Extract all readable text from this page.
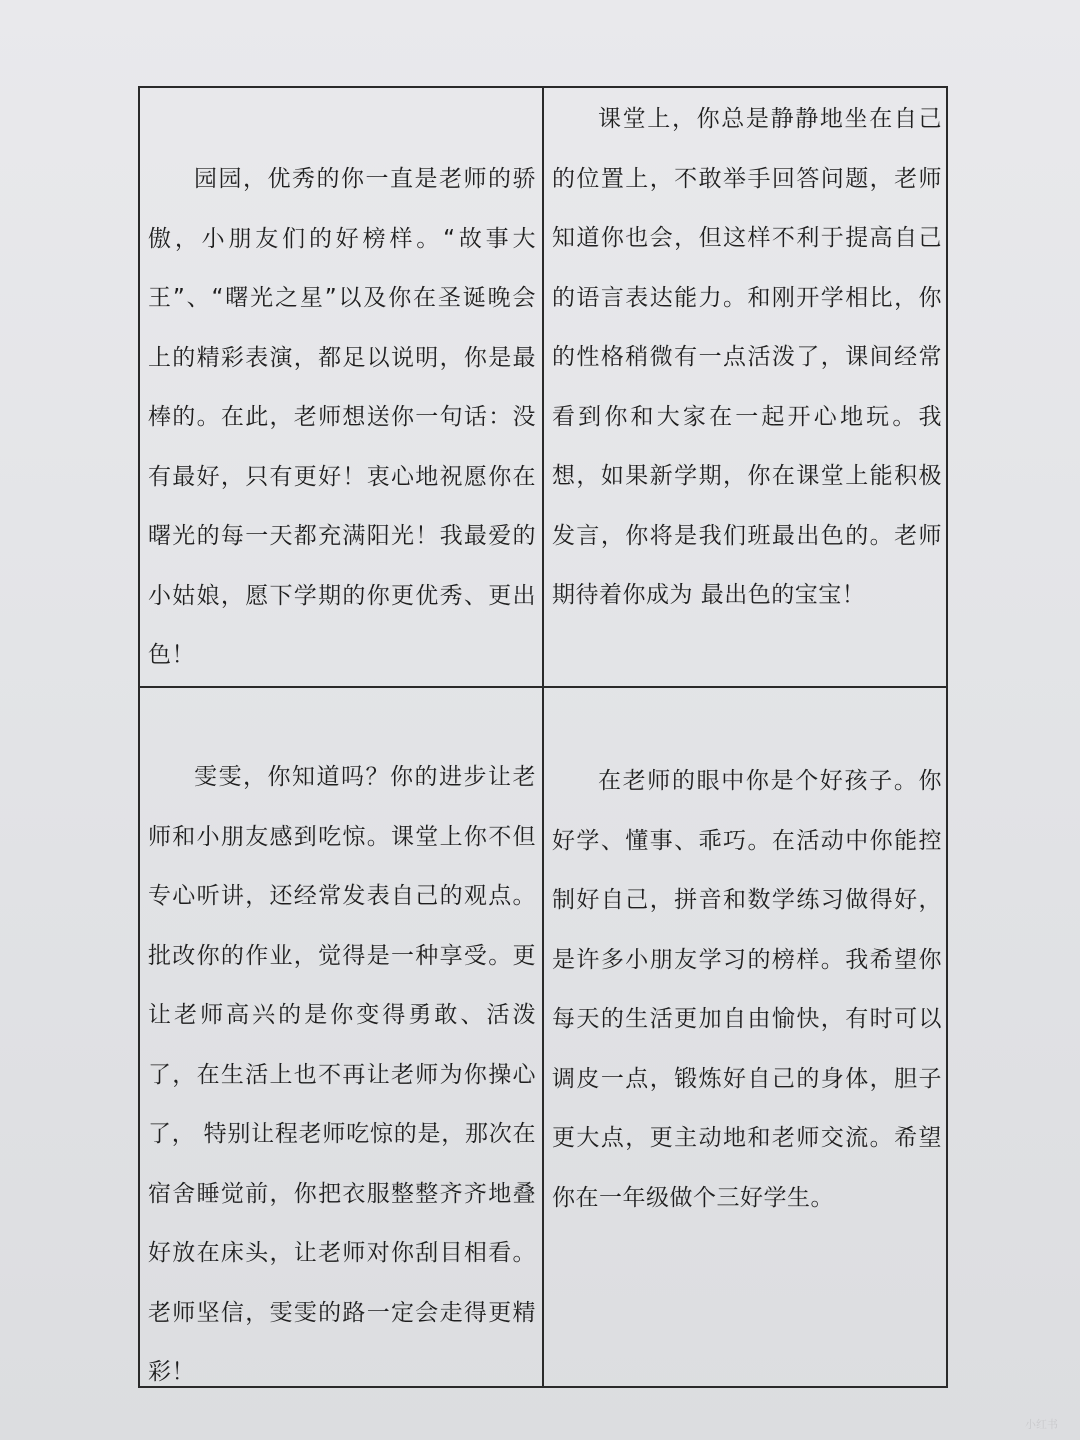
园园，优秀的你一直是老师的骄傲，小朋友们的好榜样。“故事大王”、“曙光之星”以及你在圣诞晚会上的精彩表演，都足以说明，你是最棒的。在此，老师想送你一句话：没有最好，只有更好！衷心地祝愿你在曙光的每一天都充满阳光！我最爱的小姑娘，愿下学期的你更优秀、更出色！

课堂上，你总是静静地坐在自己的位置上，不敢举手回答问题，老师知道你也会，但这样不利于提高自己的语言表达能力。和刚开学相比，你的性格稍微有一点活泼了，课间经常看到你和大家在一起开心地玩。我想，如果新学期，你在课堂上能积极发言，你将是我们班最出色的。老师期待着你成为 最出色的宝宝！

雯雯，你知道吗？你的进步让老师和小朋友感到吃惊。课堂上你不但专心听讲，还经常发表自己的观点。批改你的作业，觉得是一种享受。更让老师高兴的是你变得勇敢、活泼了，在生活上也不再让老师为你操心了， 特别让程老师吃惊的是，那次在宿舍睡觉前，你把衣服整整齐齐地叠好放在床头，让老师对你刮目相看。老师坚信，雯雯的路一定会走得更精彩！

在老师的眼中你是个好孩子。你好学、懂事、乖巧。在活动中你能控制好自己，拼音和数学练习做得好，是许多小朋友学习的榜样。我希望你每天的生活更加自由愉快，有时可以调皮一点，锻炼好自己的身体，胆子更大点，更主动地和老师交流。希望你在一年级做个三好学生。

小红书
